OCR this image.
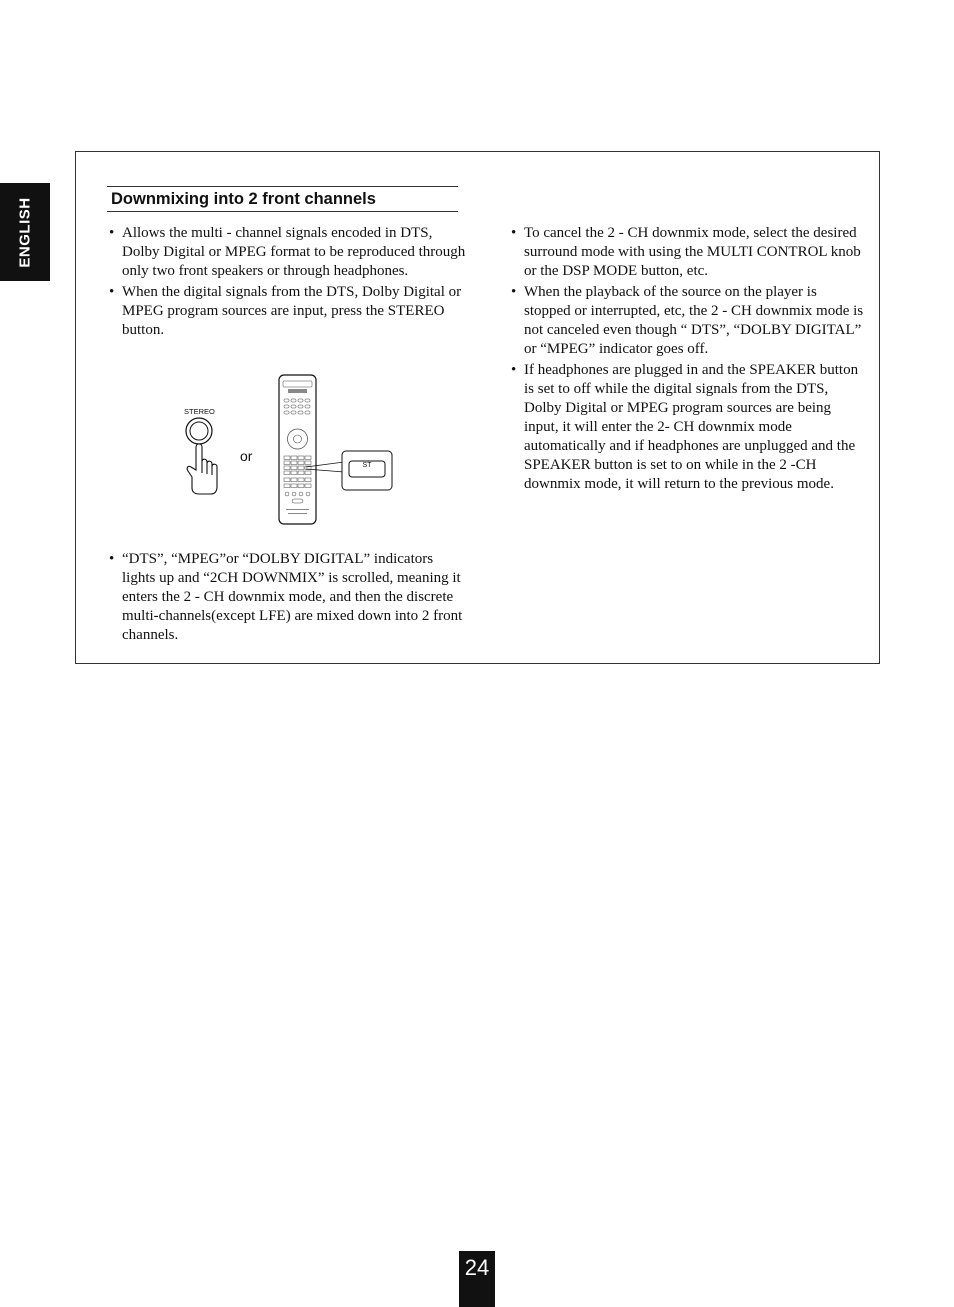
ENGLISH	Downmixing into 2 front channels
• Allows the multi - channel signals encoded in DTS, Dolby Digital or MPEG format to be reproduced through only two front speakers or through headphones.
• When the digital signals from the DTS, Dolby Digital or MPEG program sources are input, press the STEREO button.
STEREO
or
ST
• “DTS”, “MPEG”or “DOLBY DIGITAL” indicators lights up and “2CH DOWNMIX” is scrolled, meaning it enters the 2 - CH downmix mode, and then the discrete multi-channels(except LFE) are mixed down into 2 front channels.
• To cancel the 2 - CH downmix mode, select the desired surround mode with using the MULTI CONTROL knob or the DSP MODE button, etc.
• When the playback of the source on the player is stopped or interrupted, etc, the 2 - CH downmix mode is not canceled even though “ DTS”, “DOLBY DIGITAL” or “MPEG” indicator goes off.
• If headphones are plugged in and the SPEAKER button is set to off while the digital signals from the DTS, Dolby Digital or MPEG program sources are being input, it will enter the 2- CH downmix mode automatically and if headphones are unplugged and the SPEAKER button is set to on while in the 2 -CH downmix mode, it will return to the previous mode.
24
